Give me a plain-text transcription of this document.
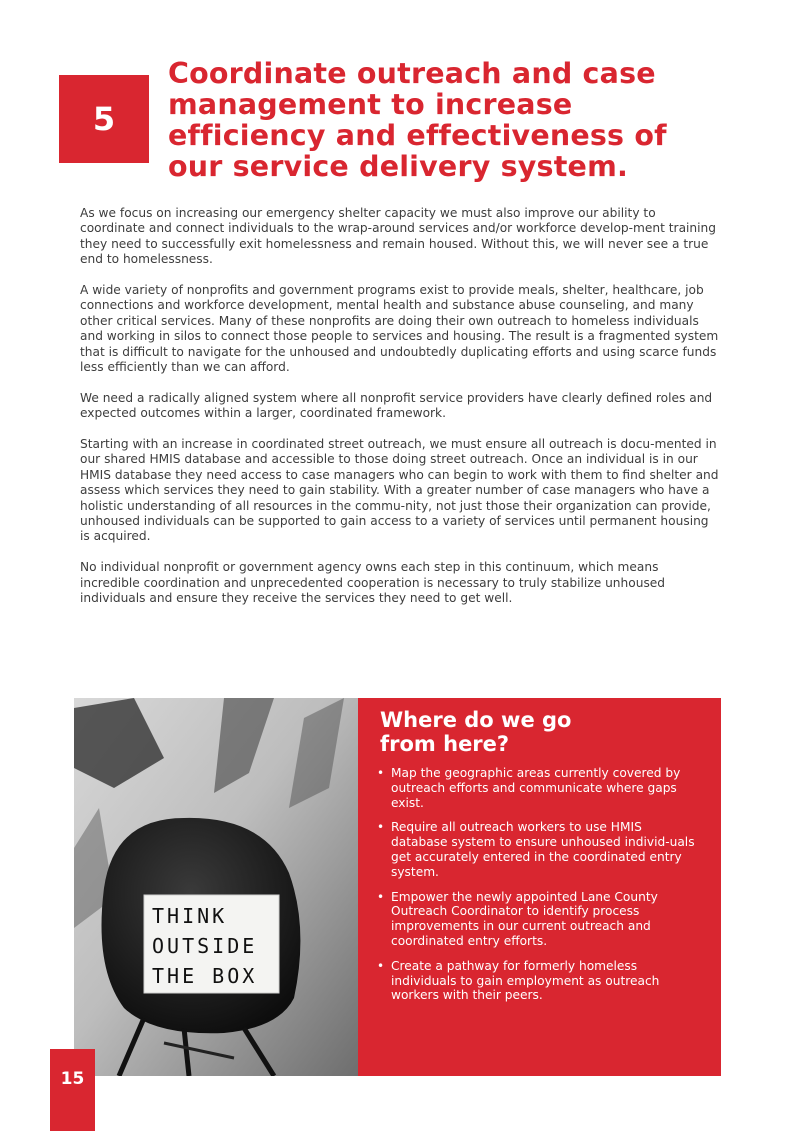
5
Coordinate outreach and case
management to increase
efficiency and effectiveness of
our service delivery system.

As we focus on increasing our emergency shelter capacity we must also improve our ability to coordinate and connect individuals to the wrap-around services and/or workforce develop-ment training they need to successfully exit homelessness and remain housed. Without this, we will never see a true end to homelessness.

A wide variety of nonprofits and government programs exist to provide meals, shelter, healthcare, job connections and workforce development, mental health and substance abuse counseling, and many other critical services. Many of these nonprofits are doing their own outreach to homeless individuals and working in silos to connect those people to services and housing. The result is a fragmented system that is difficult to navigate for the unhoused and undoubtedly duplicating efforts and using scarce funds less efficiently than we can afford.

We need a radically aligned system where all nonprofit service providers have clearly defined roles and expected outcomes within a larger, coordinated framework.

Starting with an increase in coordinated street outreach, we must ensure all outreach is docu-mented in our shared HMIS database and accessible to those doing street outreach. Once an individual is in our HMIS database they need access to case managers who can begin to work with them to find shelter and assess which services they need to gain stability. With a greater number of case managers who have a holistic understanding of all resources in the commu-nity, not just those their organization can provide, unhoused individuals can be supported to gain access to a variety of services until permanent housing is acquired.

No individual nonprofit or government agency owns each step in this continuum, which means incredible coordination and unprecedented cooperation is necessary to truly stabilize unhoused individuals and ensure they receive the services they need to get well.

THINK
OUTSIDE
THE BOX
Where do we go
from here?
• Map the geographic areas currently covered by outreach efforts and communicate where gaps exist.
• Require all outreach workers to use HMIS database system to ensure unhoused individ-uals get accurately entered in the coordinated entry system.
• Empower the newly appointed Lane County Outreach Coordinator to identify process improvements in our current outreach and coordinated entry efforts.
• Create a pathway for formerly homeless individuals to gain employment as outreach workers with their peers.
15
